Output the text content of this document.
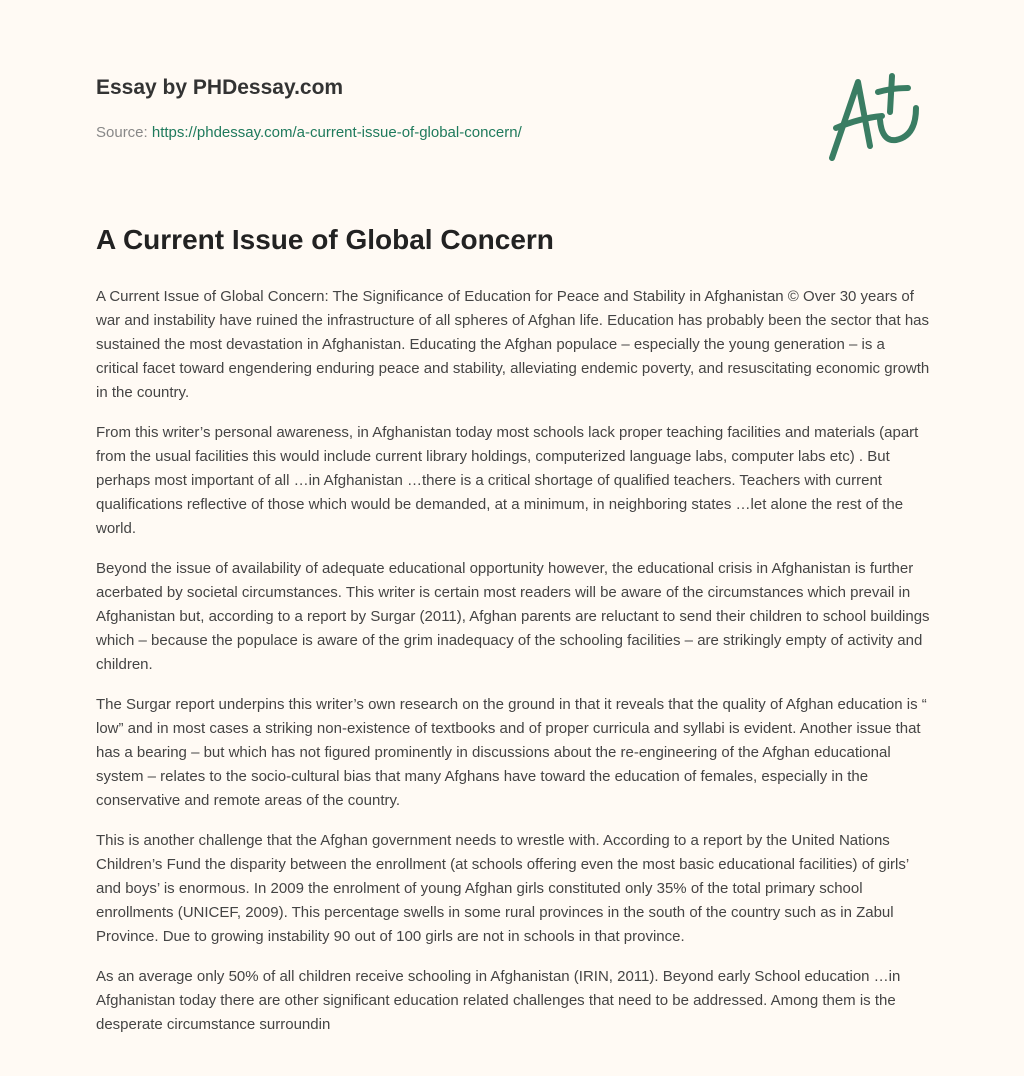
Essay by PHDessay.com
Source: https://phdessay.com/a-current-issue-of-global-concern/
A Current Issue of Global Concern

A Current Issue of Global Concern: The Significance of Education for Peace and Stability in Afghanistan © Over 30 years of war and instability have ruined the infrastructure of all spheres of Afghan life. Education has probably been the sector that has sustained the most devastation in Afghanistan. Educating the Afghan populace – especially the young generation – is a critical facet toward engendering enduring peace and stability, alleviating endemic poverty, and resuscitating economic growth in the country.

From this writer’s personal awareness, in Afghanistan today most schools lack proper teaching facilities and materials (apart from the usual facilities this would include current library holdings, computerized language labs, computer labs etc) . But perhaps most important of all …in Afghanistan …there is a critical shortage of qualified teachers. Teachers with current qualifications reflective of those which would be demanded, at a minimum, in neighboring states …let alone the rest of the world.

Beyond the issue of availability of adequate educational opportunity however, the educational crisis in Afghanistan is further acerbated by societal circumstances. This writer is certain most readers will be aware of the circumstances which prevail in Afghanistan but, according to a report by Surgar (2011), Afghan parents are reluctant to send their children to school buildings which – because the populace is aware of the grim inadequacy of the schooling facilities – are strikingly empty of activity and children.

The Surgar report underpins this writer’s own research on the ground in that it reveals that the quality of Afghan education is “ low” and in most cases a striking non-existence of textbooks and of proper curricula and syllabi is evident. Another issue that has a bearing – but which has not figured prominently in discussions about the re-engineering of the Afghan educational system – relates to the socio-cultural bias that many Afghans have toward the education of females, especially in the conservative and remote areas of the country.

This is another challenge that the Afghan government needs to wrestle with. According to a report by the United Nations Children’s Fund the disparity between the enrollment (at schools offering even the most basic educational facilities) of girls’ and boys’ is enormous. In 2009 the enrolment of young Afghan girls constituted only 35% of the total primary school enrollments (UNICEF, 2009). This percentage swells in some rural provinces in the south of the country such as in Zabul Province. Due to growing instability 90 out of 100 girls are not in schools in that province.

As an average only 50% of all children receive schooling in Afghanistan (IRIN, 2011). Beyond early School education …in Afghanistan today there are other significant education related challenges that need to be addressed. Among them is the desperate circumstance surroundin
